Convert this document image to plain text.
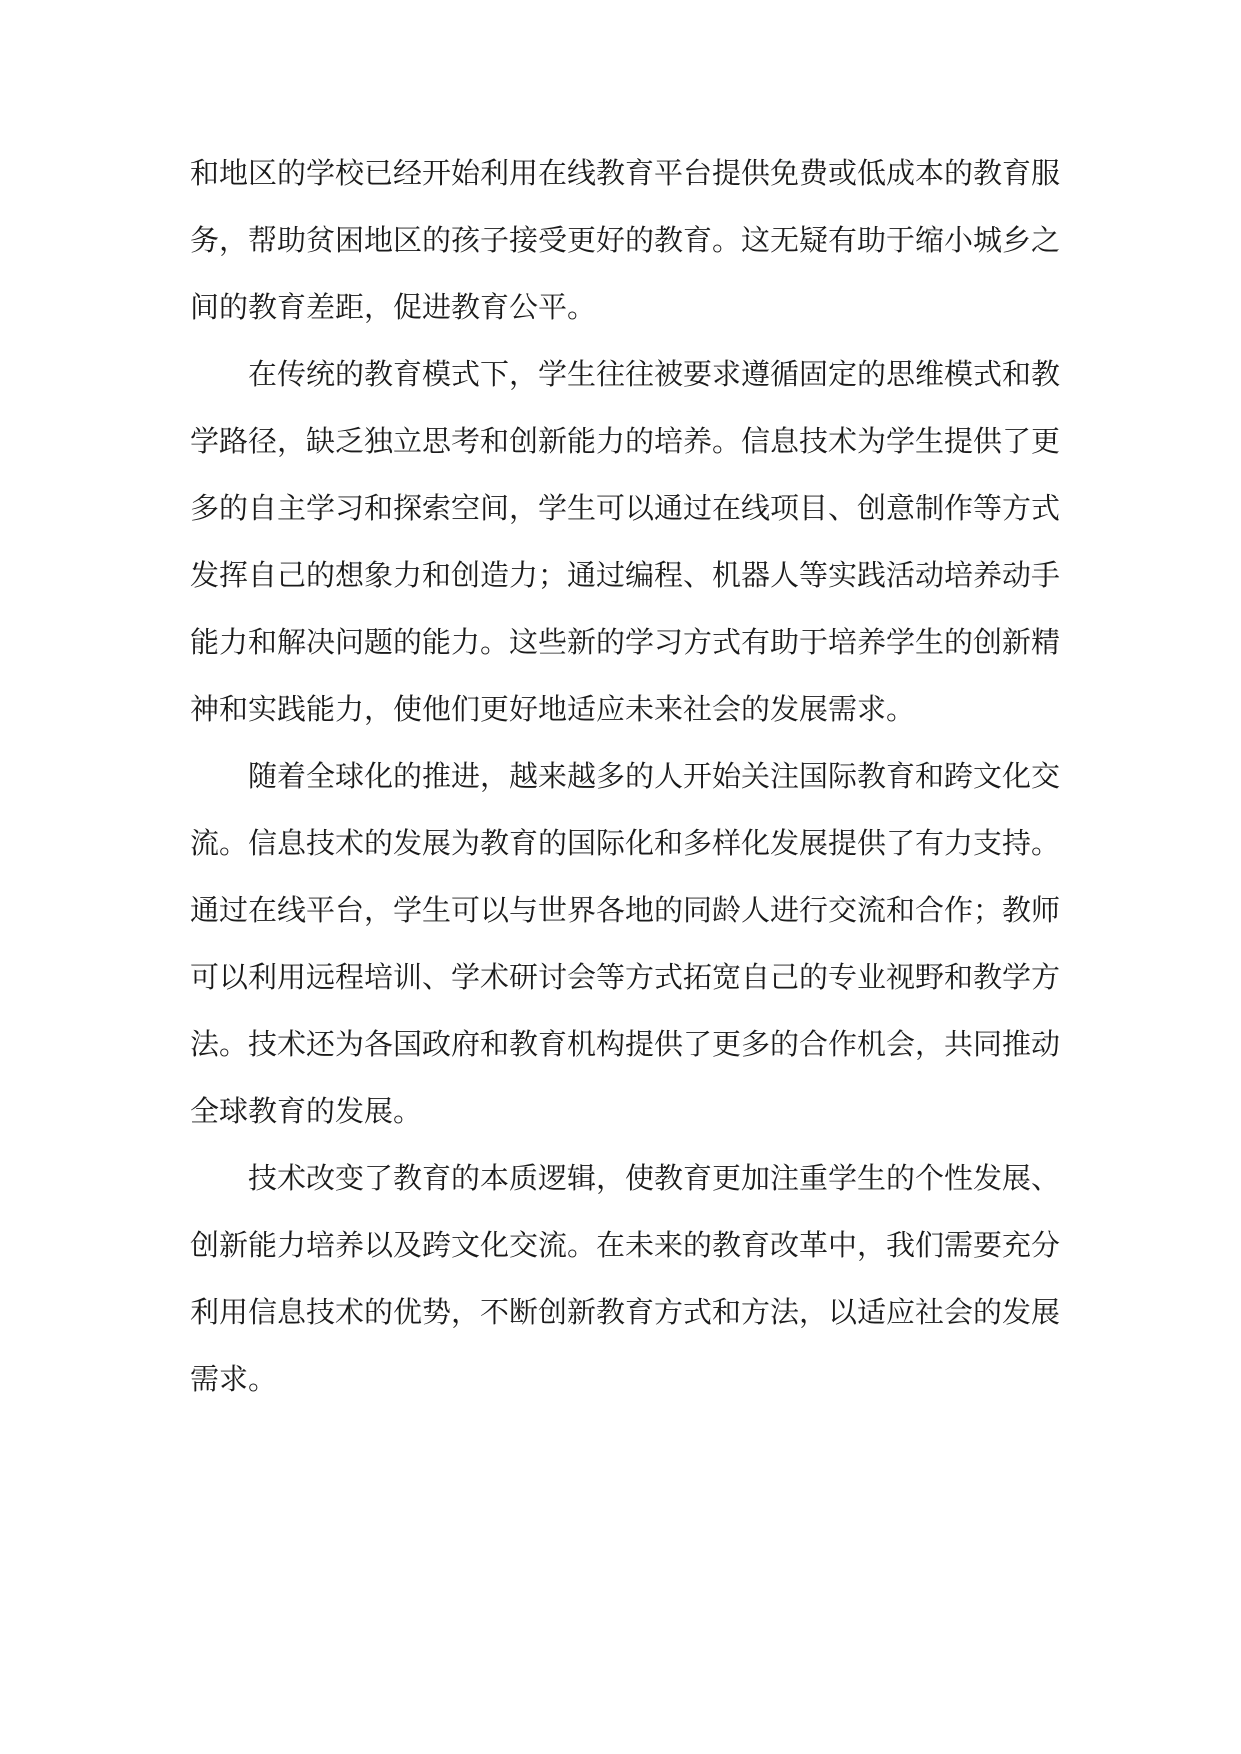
和地区的学校已经开始利用在线教育平台提供免费或低成本的教育服务，帮助贫困地区的孩子接受更好的教育。这无疑有助于缩小城乡之间的教育差距，促进教育公平。

在传统的教育模式下，学生往往被要求遵循固定的思维模式和教学路径，缺乏独立思考和创新能力的培养。信息技术为学生提供了更多的自主学习和探索空间，学生可以通过在线项目、创意制作等方式发挥自己的想象力和创造力；通过编程、机器人等实践活动培养动手能力和解决问题的能力。这些新的学习方式有助于培养学生的创新精神和实践能力，使他们更好地适应未来社会的发展需求。

随着全球化的推进，越来越多的人开始关注国际教育和跨文化交流。信息技术的发展为教育的国际化和多样化发展提供了有力支持。通过在线平台，学生可以与世界各地的同龄人进行交流和合作；教师可以利用远程培训、学术研讨会等方式拓宽自己的专业视野和教学方法。技术还为各国政府和教育机构提供了更多的合作机会，共同推动全球教育的发展。

技术改变了教育的本质逻辑，使教育更加注重学生的个性发展、创新能力培养以及跨文化交流。在未来的教育改革中，我们需要充分利用信息技术的优势，不断创新教育方式和方法，以适应社会的发展需求。
